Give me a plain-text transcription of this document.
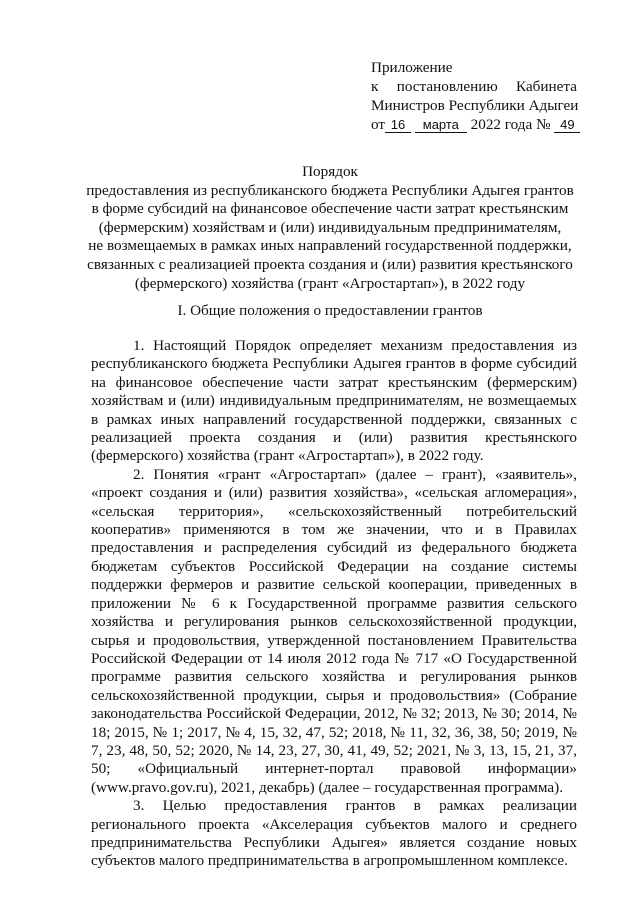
Приложение
к постановлению Кабинета
Министров Республики Адыгеи
от 16 марта 2022 года № 49
Порядок
предоставления из республиканского бюджета Республики Адыгея грантов
в форме субсидий на финансовое обеспечение части затрат крестьянским
(фермерским) хозяйствам и (или) индивидуальным предпринимателям,
не возмещаемых в рамках иных направлений государственной поддержки,
связанных с реализацией проекта создания и (или) развития крестьянского
(фермерского) хозяйства (грант «Агростартап»), в 2022 году
I. Общие положения о предоставлении грантов

1. Настоящий Порядок определяет механизм предоставления из республиканского бюджета Республики Адыгея грантов в форме субсидий на финансовое обеспечение части затрат крестьянским (фермерским) хозяйствам и (или) индивидуальным предпринимателям, не возмещаемых в рамках иных направлений государственной поддержки, связанных с реализацией проекта создания и (или) развития крестьянского (фермерского) хозяйства (грант «Агростартап»), в 2022 году.

2. Понятия «грант «Агростартап» (далее – грант), «заявитель», «проект создания и (или) развития хозяйства», «сельская агломерация», «сельская территория», «сельскохозяйственный потребительский кооператив» применяются в том же значении, что и в Правилах предоставления и распределения субсидий из федерального бюджета бюджетам субъектов Российской Федерации на создание системы поддержки фермеров и развитие сельской кооперации, приведенных в приложении № 6 к Государственной программе развития сельского хозяйства и регулирования рынков сельскохозяйственной продукции, сырья и продовольствия, утвержденной постановлением Правительства Российской Федерации от 14 июля 2012 года № 717 «О Государственной программе развития сельского хозяйства и регулирования рынков сельскохозяйственной продукции, сырья и продовольствия» (Собрание законодательства Российской Федерации, 2012, № 32; 2013, № 30; 2014, № 18; 2015, № 1; 2017, № 4, 15, 32, 47, 52; 2018, № 11, 32, 36, 38, 50; 2019, № 7, 23, 48, 50, 52; 2020, № 14, 23, 27, 30, 41, 49, 52; 2021, № 3, 13, 15, 21, 37, 50; «Официальный интернет-портал правовой информации» (www.pravo.gov.ru), 2021, декабрь) (далее – государственная программа).

3. Целью предоставления грантов в рамках реализации регионального проекта «Акселерация субъектов малого и среднего предпринимательства Республики Адыгея» является создание новых субъектов малого предпринимательства в агропромышленном комплексе.
